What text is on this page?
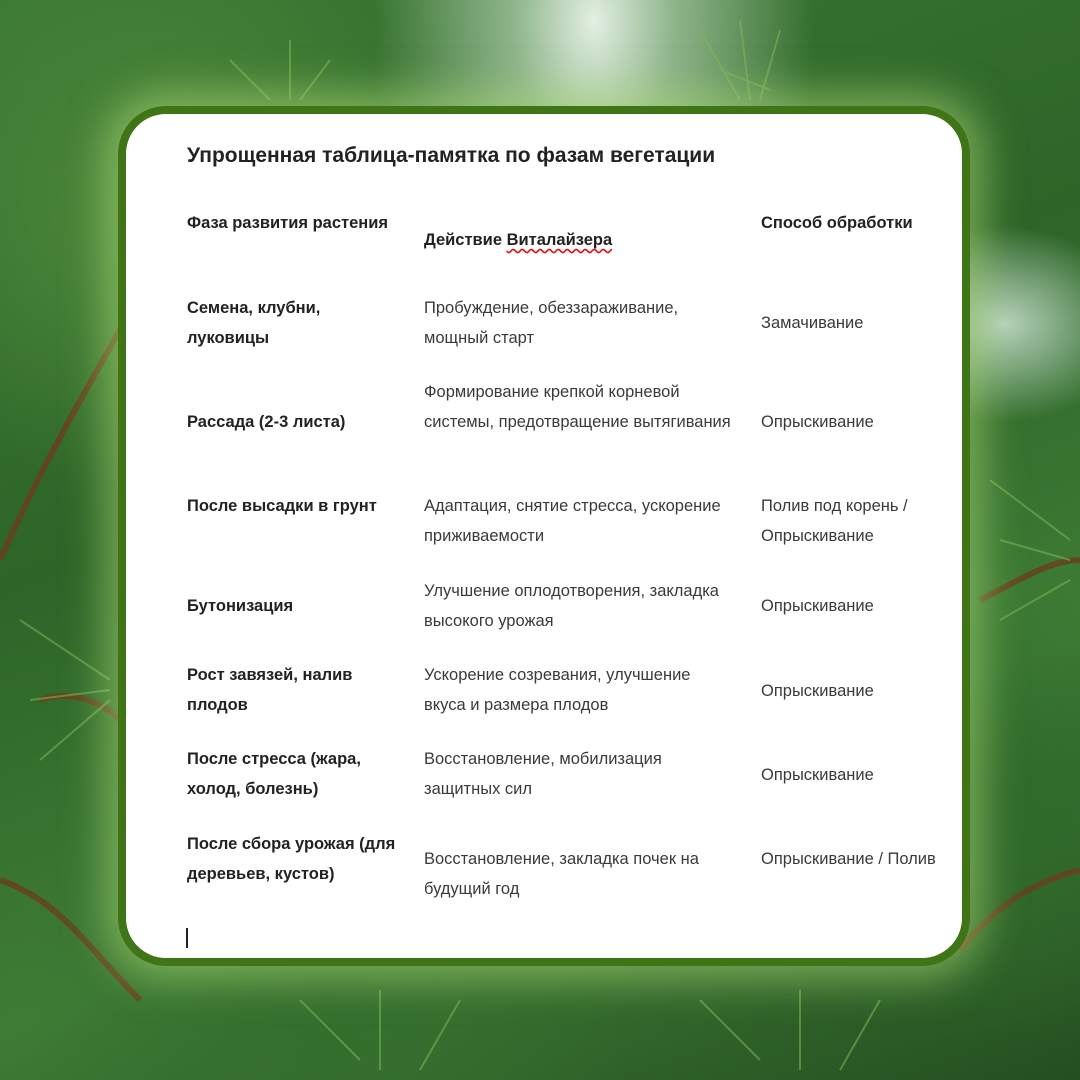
Упрощенная таблица-памятка по фазам вегетации
Фаза развития растения
Действие Виталайзера
Способ обработки
Семена, клубни, луковицы
Пробуждение, обеззараживание, мощный старт
Замачивание
Рассада (2-3 листа)
Формирование крепкой корневой системы, предотвращение вытягивания Опрыскивание
После высадки в грунт	Адаптация, снятие стресса, ускорение приживаемости
Полив под корень / Опрыскивание
Бутонизация
Улучшение оплодотворения, закладка высокого урожая
Опрыскивание
Рост завязей, налив плодов
Ускорение созревания, улучшение вкуса и размера плодов
Опрыскивание
После стресса (жара, холод, болезнь)
Восстановление, мобилизация защитных сил
Опрыскивание
После сбора урожая (для деревьев, кустов)
Восстановление, закладка почек на будущий год
Опрыскивание / Полив
